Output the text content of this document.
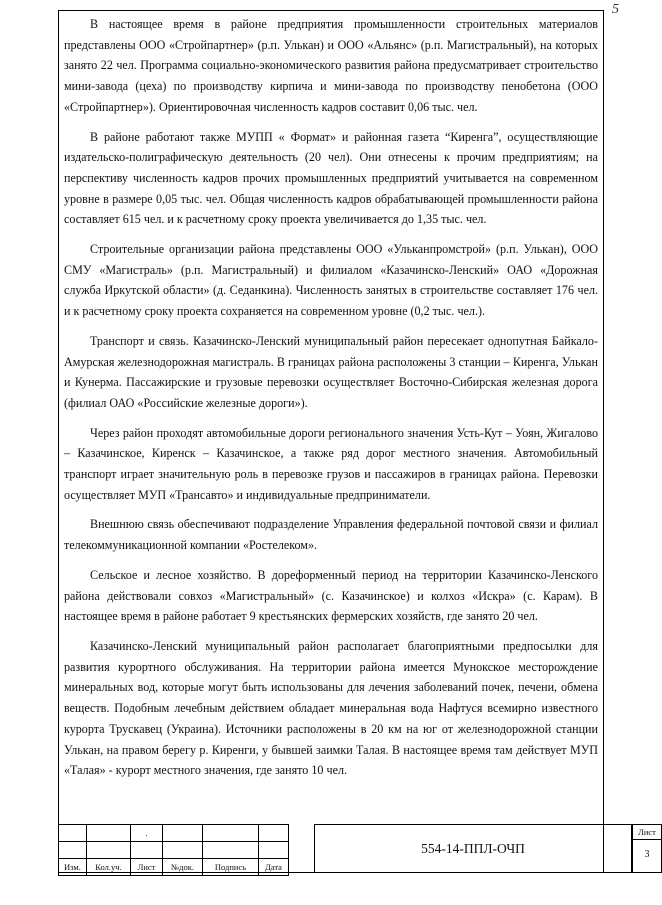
5

В настоящее время в районе предприятия промышленности строительных материалов представлены ООО «Стройпартнер» (р.п. Улькан) и ООО «Альянс» (р.п. Магистральный), на которых занято 22 чел. Программа социально-экономического развития района предусматривает строительство мини-завода (цеха) по производству кирпича и мини-завода по производству пенобетона (ООО «Стройпартнер»). Ориентировочная численность кадров составит 0,06 тыс. чел.

В районе работают также МУПП « Формат» и районная газета “Киренга”, осуществляющие издательско-полиграфическую деятельность (20 чел). Они отнесены к прочим предприятиям; на перспективу численность кадров прочих промышленных предприятий учитывается на современном уровне в размере 0,05 тыс. чел. Общая численность кадров обрабатывающей промышленности района составляет 615 чел. и к расчетному сроку проекта увеличивается до 1,35 тыс. чел.

Строительные организации района представлены ООО «Ульканпромстрой» (р.п. Улькан), ООО СМУ «Магистраль» (р.п. Магистральный) и филиалом «Казачинско-Ленский» ОАО «Дорожная служба Иркутской области» (д. Седанкина). Численность занятых в строительстве составляет 176 чел. и к расчетному сроку проекта сохраняется на современном уровне (0,2 тыс. чел.).

Транспорт и связь. Казачинско-Ленский муниципальный район пересекает однопутная Байкало-Амурская железнодорожная магистраль. В границах района расположены 3 станции – Киренга, Улькан и Кунерма. Пассажирские и грузовые перевозки осуществляет Восточно-Сибирская железная дорога (филиал ОАО «Российские железные дороги»).

Через район проходят автомобильные дороги регионального значения Усть-Кут – Уоян, Жигалово – Казачинское, Киренск – Казачинское, а также ряд дорог местного значения. Автомобильный транспорт играет значительную роль в перевозке грузов и пассажиров в границах района. Перевозки осуществляет МУП «Трансавто» и индивидуальные предприниматели.

Внешнюю связь обеспечивают подразделение Управления федеральной почтовой связи и филиал телекоммуникационной компании «Ростелеком».

Сельское и лесное хозяйство. В дореформенный период на территории Казачинско-Ленского района действовали совхоз «Магистральный» (с. Казачинское) и колхоз «Искра» (с. Карам). В настоящее время в районе работает 9 крестьянских фермерских хозяйств, где занято 20 чел.

Казачинско-Ленский муниципальный район располагает благоприятными предпосылки для развития курортного обслуживания. На территории района имеется Мунокское месторождение минеральных вод, которые могут быть использованы для лечения заболеваний почек, печени, обмена веществ. Подобным лечебным действием обладает минеральная вода Нафтуся всемирно известного курорта Трускавец (Украина). Источники расположены в 20 км на юг от железнодорожной станции Улькан, на правом берегу р. Киренги, у бывшей заимки Талая. В настоящее время там действует МУП «Талая» - курорт местного значения, где занято 10 чел.

		.			

Изм.	Кол.уч.	Лист	№док.	Подпись	Дата
554-14-ППЛ-ОЧП
Лист
3
